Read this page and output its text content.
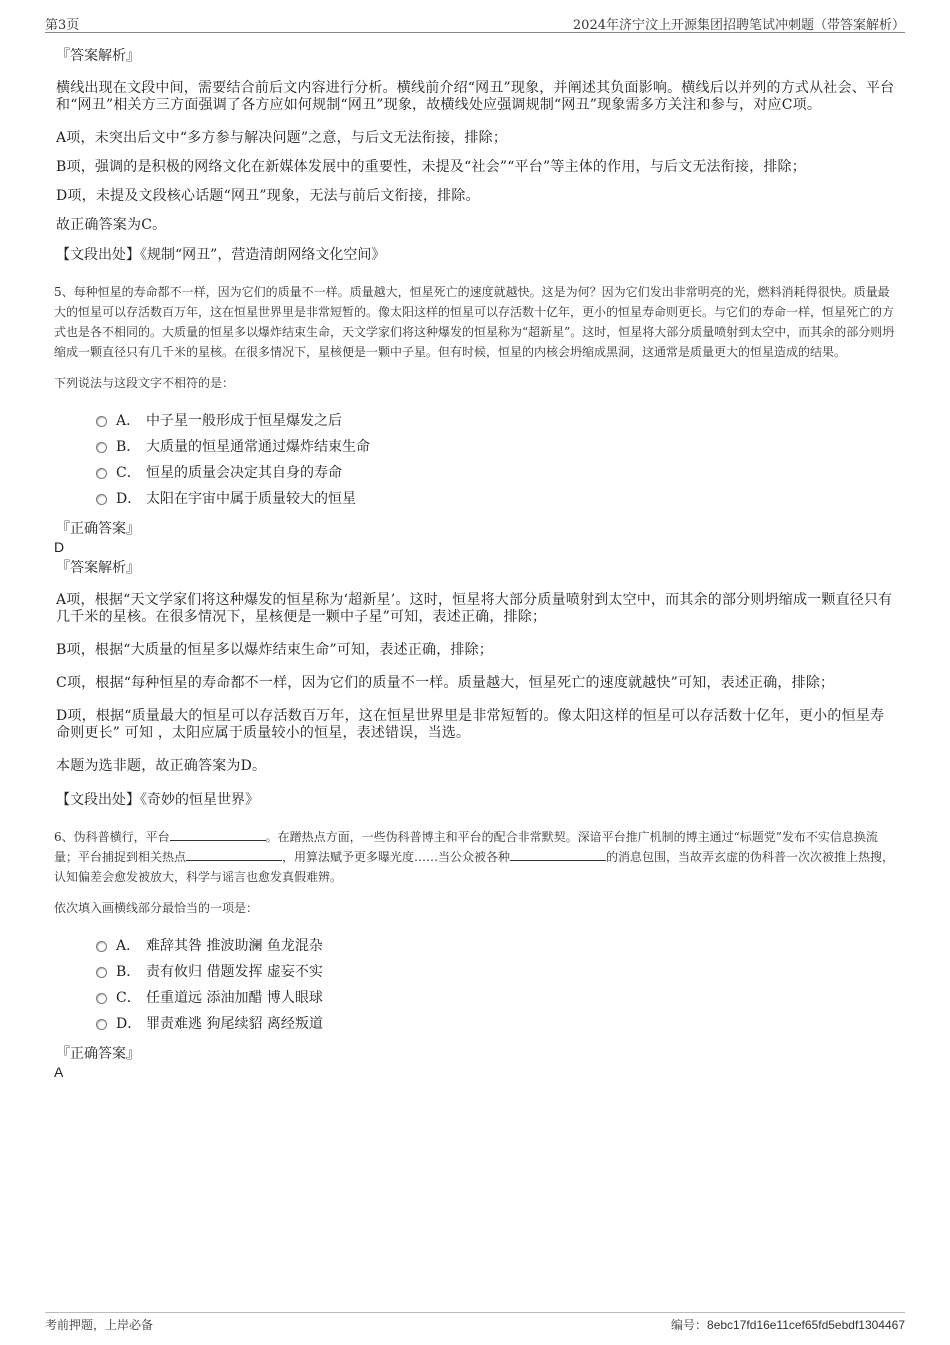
第3页	2024年济宁汶上开源集团招聘笔试冲刺题（带答案解析）
『答案解析』

横线出现在文段中间，需要结合前后文内容进行分析。横线前介绍“网丑”现象，并阐述其负面影响。横线后以并列的方式从社会、平台和“网丑”相关方三方面强调了各方应如何规制“网丑”现象，故横线处应强调规制“网丑”现象需多方关注和参与，对应C项。

A项，未突出后文中“多方参与解决问题”之意，与后文无法衔接，排除；

B项，强调的是积极的网络文化在新媒体发展中的重要性，未提及“社会”“平台”等主体的作用，与后文无法衔接，排除；

D项，未提及文段核心话题“网丑”现象，无法与前后文衔接，排除。

故正确答案为C。

【文段出处】《规制“网丑”，营造清朗网络文化空间》

5、每种恒星的寿命都不一样，因为它们的质量不一样。质量越大，恒星死亡的速度就越快。这是为何？因为它们发出非常明亮的光，燃料消耗得很快。质量最大的恒星可以存活数百万年，这在恒星世界里是非常短暂的。像太阳这样的恒星可以存活数十亿年，更小的恒星寿命则更长。与它们的寿命一样，恒星死亡的方式也是各不相同的。大质量的恒星多以爆炸结束生命，天文学家们将这种爆发的恒星称为“超新星”。这时，恒星将大部分质量喷射到太空中，而其余的部分则坍缩成一颗直径只有几千米的星核。在很多情况下，星核便是一颗中子星。但有时候，恒星的内核会坍缩成黑洞，这通常是质量更大的恒星造成的结果。

下列说法与这段文字不相符的是：

A． 中子星一般形成于恒星爆发之后
B． 大质量的恒星通常通过爆炸结束生命
C． 恒星的质量会决定其自身的寿命
D． 太阳在宇宙中属于质量较大的恒星
『正确答案』
D
『答案解析』

A项，根据“天文学家们将这种爆发的恒星称为‘超新星’。这时，恒星将大部分质量喷射到太空中，而其余的部分则坍缩成一颗直径只有几千米的星核。在很多情况下，星核便是一颗中子星”可知，表述正确，排除；

B项，根据“大质量的恒星多以爆炸结束生命”可知，表述正确，排除；

C项，根据“每种恒星的寿命都不一样，因为它们的质量不一样。质量越大，恒星死亡的速度就越快”可知，表述正确，排除；

D项，根据“质量最大的恒星可以存活数百万年，这在恒星世界里是非常短暂的。像太阳这样的恒星可以存活数十亿年，更小的恒星寿命则更长” 可知 ，太阳应属于质量较小的恒星，表述错误，当选。

本题为选非题，故正确答案为D。

【文段出处】《奇妙的恒星世界》

6、伪科普横行，平台	。在蹭热点方面，一些伪科普博主和平台的配合非常默契。深谙平台推广机制的博主通过“标题党”发布不实信息换流量；平台捕捉到相关热点	，用算法赋予更多曝光度……当公众被各种	的消息包围，当故弄玄虚的伪科普一次次被推上热搜，认知偏差会愈发被放大，科学与谣言也愈发真假难辨。

依次填入画横线部分最恰当的一项是：

A． 难辞其咎 推波助澜 鱼龙混杂
B． 责有攸归 借题发挥 虚妄不实
C． 任重道远 添油加醋 博人眼球
D． 罪责难逃 狗尾续貂 离经叛道
『正确答案』
A
考前押题，上岸必备	编号：8ebc17fd16e11cef65fd5ebdf1304467
